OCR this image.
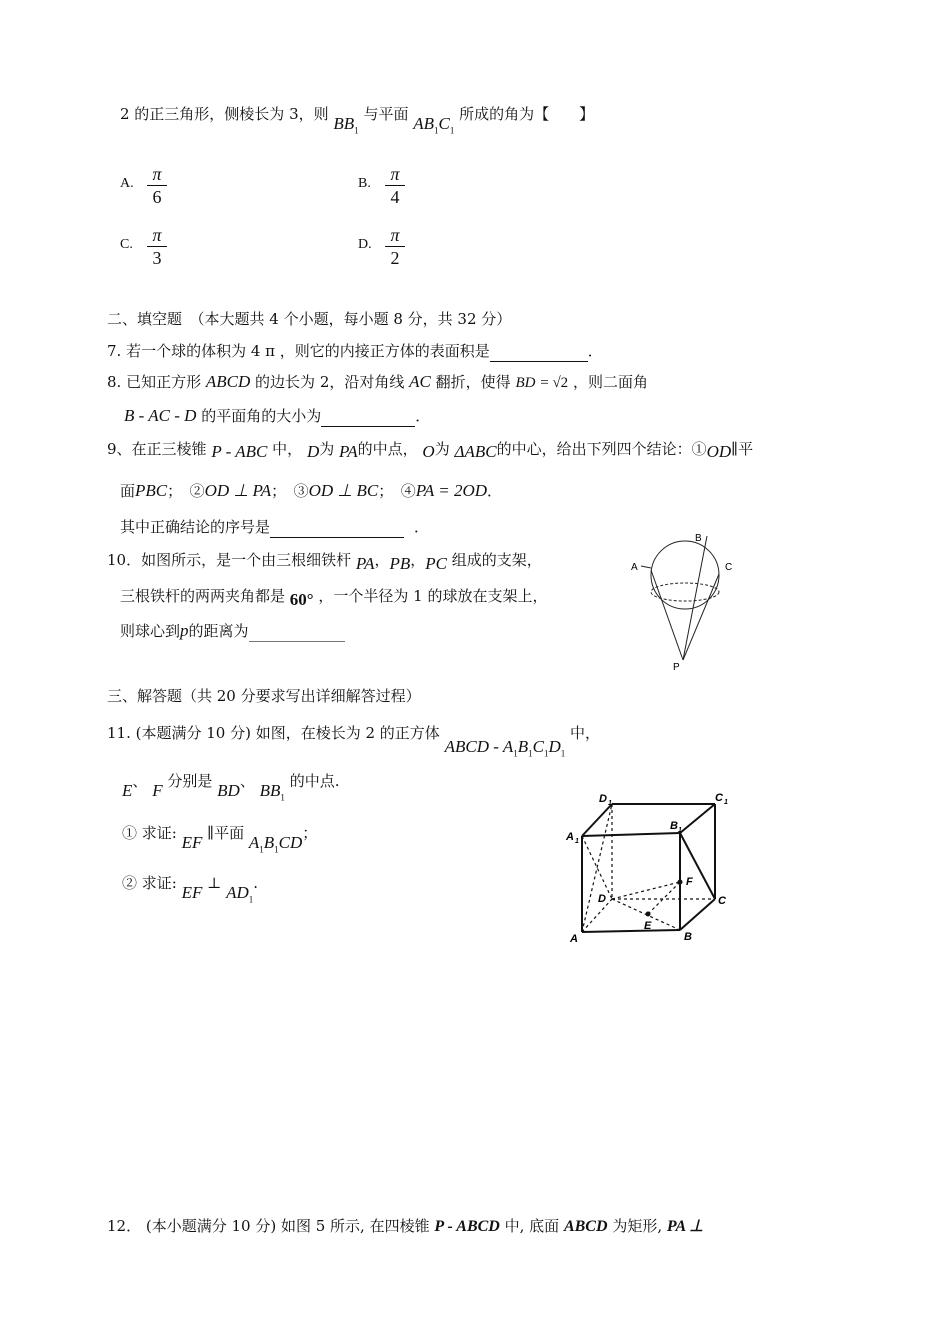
2 的正三角形，侧棱长为 3，则 $BB_1$ 与平面 $AB_1C_1$ 所成的角为【　　】
A.	π
6
B.	π
4
C.	π
3
D.	π
2
二、填空题　（本大题共 4 个小题，每小题 8 分，共 32 分）
7. 若一个球的体积为 4 π ，则它的内接正方体的表面积是	．
8. 已知正方形 ABCD 的边长为 2，沿对角线 AC 翻折，使得 BD = √2 ，则二面角
B - AC - D 的平面角的大小为	．
9、在正三棱锥 P - ABC 中， D为 PA的中点， O为 ΔABC的中心，给出下列四个结论：①OD∥平
面PBC；　②OD ⊥ PA；　③OD ⊥ BC；　④PA = 2OD．
其中正确结论的序号是	．
10．如图所示，是一个由三根细铁杆 PA，PB，PC 组成的支架，
三根铁杆的两两夹角都是 60° ，一个半径为 1 的球放在支架上，
则球心到p的距离为
A
B
C
P
三、解答题（共 20 分要求写出详细解答过程）
11. (本题满分 10 分) 如图，在棱长为 2 的正方体 ABCD - $A_1B_1C_1D_1$ 中，
E、 F 分别是 BD、 $BB_1$ 的中点.
① 求证: EF ∥平面 $A_1B_1CD$；
② 求证: EF ⊥ $AD_1$.
D 1	C 1
A 1
B 1
D	C
A	B
E
F
12． (本小题满分 10 分) 如图 5 所示, 在四棱锥 P - ABCD 中, 底面 ABCD 为矩形, PA ⊥
